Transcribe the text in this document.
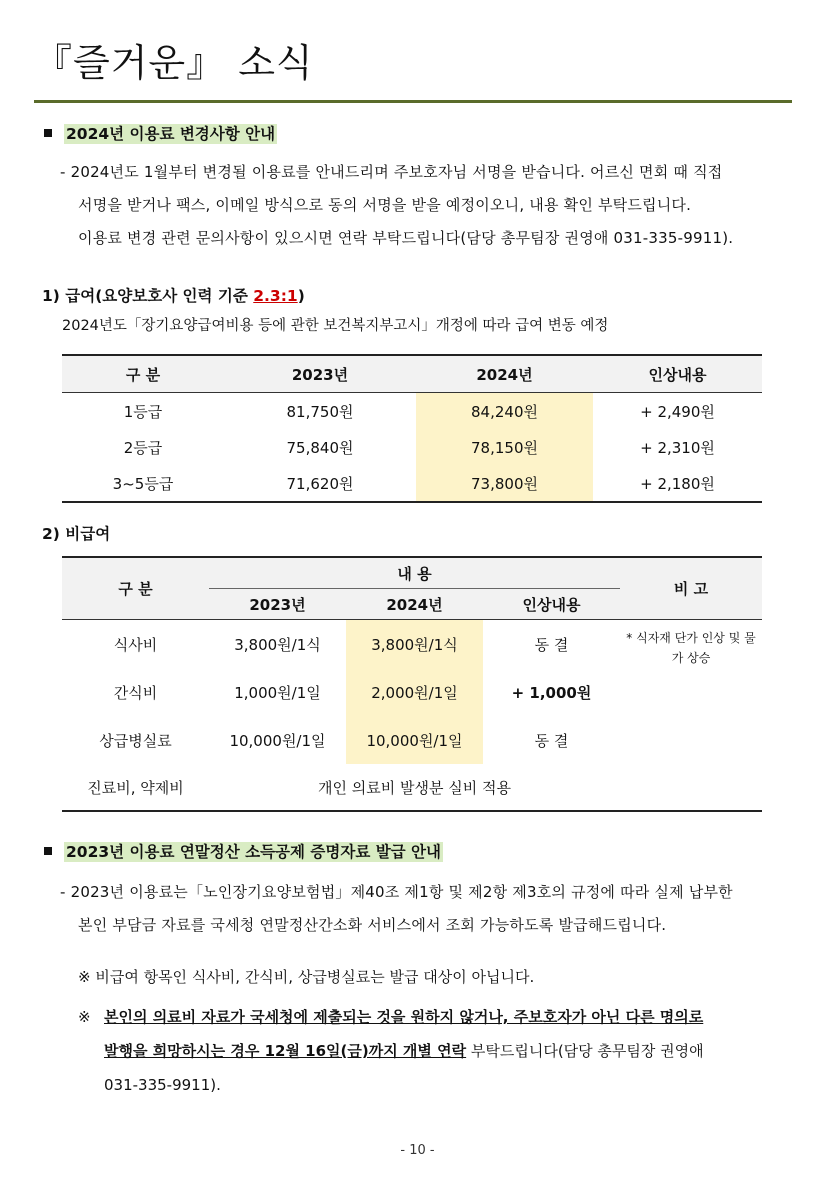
『즐거운』 소식
2024년 이용료 변경사항 안내
- 2024년도 1월부터 변경될 이용료를 안내드리며 주보호자님 서명을 받습니다. 어르신 면회 때 직접
서명을 받거나 팩스, 이메일 방식으로 동의 서명을 받을 예정이오니, 내용 확인 부탁드립니다.
이용료 변경 관련 문의사항이 있으시면 연락 부탁드립니다(담당 총무팀장 권영애 031-335-9911).
1) 급여(요양보호사 인력 기준 2.3:1)
2024년도「장기요양급여비용 등에 관한 보건복지부고시」개정에 따라 급여 변동 예정
구 분	2023년	2024년	인상내용
1등급	81,750원	84,240원	+ 2,490원
2등급	75,840원	78,150원	+ 2,310원
3~5등급	71,620원	73,800원	+ 2,180원
2) 비급여
구 분	내 용			비 고
	2023년	2024년	인상내용	
식사비	3,800원/1식	3,800원/1식	동 결	* 식자재 단가 인상 및 물가 상승
간식비	1,000원/1일	2,000원/1일	+ 1,000원	
상급병실료	10,000원/1일	10,000원/1일	동 결	
진료비, 약제비	개인 의료비 발생분 실비 적용			
2023년 이용료 연말정산 소득공제 증명자료 발급 안내
- 2023년 이용료는「노인장기요양보험법」제40조 제1항 및 제2항 제3호의 규정에 따라 실제 납부한
본인 부담금 자료를 국세청 연말정산간소화 서비스에서 조회 가능하도록 발급해드립니다.
※ 비급여 항목인 식사비, 간식비, 상급병실료는 발급 대상이 아닙니다.
※ 본인의 의료비 자료가 국세청에 제출되는 것을 원하지 않거나, 주보호자가 아닌 다른 명의로
발행을 희망하시는 경우 12월 16일(금)까지 개별 연락 부탁드립니다(담당 총무팀장 권영애
031-335-9911).
- 10 -
